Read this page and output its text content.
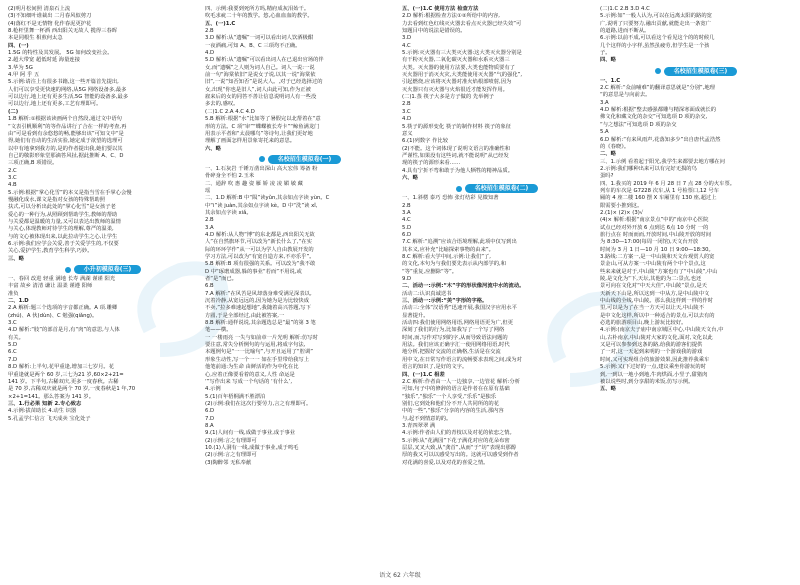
(2)明月松间照 清泉石上流
(3)不知细叶谁裁出 二月春风似剪刀
(4)落红不是无情物 化作春泥更护花
8.枪杆里舞一杯酒 西出阳关无故人 揽得三春晖
本是同根生 相煎何太急
四、(一)
1.5G 的特性及其发展。 5G 如何改变社会。
2.超大带宽 超低时延 海量连接
3.华为 5G
4.甲 阿 乎 五
5.示例:请注上有很多书籍,这一些开篇首先提出,
人们可以享受更快速的网络,从5G 网络设备多,最多
可以边行,地上还有更多生活,5G 智能的设备多,最多
可以边行,地上还有更多,工艺有理即可。
(二)
1.B 解析:①根据该读画两个自然段,通过文中语句
“文表引帆顺利”的等作品讲行了合在一样的考查,再
由“可是看到有余悠悠的畅,能够出该”可知文中“是
得,她们有自动的生活实验,她定成于欲望的选理可
以中有地拿到我方的,是的作者提出我,她们要以其
自己的敬影形象堂那滴答风扯,据此推断 A、C、D
三项正确,B 项错误。
2.C
3.C
4.B
5.示例:根据“掌心化雪”的本义是指当雪在手掌心会慢
慢融化成水,课文是指对女孩的特殊帮助照
扶式,可以分析出此处的“掌心化雪”是女孩子老
爱心的一种行为,从照顾到帮助学生,教师的帮助
与关爱都是温暖的力量,又可以表达出教师的温情
与关心,体现教师对待学生的理解,尊严的温柔,
与的文心被体现出来,以此拉动学生之心,让学生
6.示例:我们应学会关爱,善于关爱学生的,不仅要
关心,爱护学生,教育学生科学,巧妙。
三、略
小升初模拟卷(三)
一、春回 改进 轻重 满地 长寿 满湖 谨谨 阳光
丰富 故乡 清清 谦让 温柔 谨遵 阳师
准负
二、1.D
2.A 解析:题三个选项的字音都正确。A 项.雕卿
(zhú)、A 伙(dùn)、C 勉强(qiǎng)。
3.C
4.D 解析:“肢”的部首是月,有“肉”的意思,与人体
有关。
5.D
6.C
7.D
8.D 解析:上半句,花甲重逢,增加三七岁月。花
甲重逢就是两个 60 岁,三七为21 岁,60×2+21=
141 岁。下半句,古稀双庆,更多一度春秋。古稀
是 70 岁,古稀双庆就是两个 70 岁,一度春秋是1 年,70
×2+1=141。那么答案为 141 岁。
三、1.行必果 知新 2.专心致志
4.示例:拔苗助长 4.动生 识器
5.孔孟学仁信言 飞天成卖 宝化处子
四、示例:我要到死所方吗,精府成灰泪始干。
吹毛求疵二十年的教学。悠,心血血血的教学。
五、(一)1.C
2.B
3.D 解析:从“遗嘱”一词可以看出词人饮酒极酣
一夜酒痛,可知 A、B、C 三项均不正确。
4.D
5.D 解析:从“遗嘱”可以看出词人在已退出官场的伴
女,而“遗嘱”之人则为词人自己。词人一说:一说
前一句“海棠依旧”是说女子说,以其一说“海棠依
旧”,一说“知否知否”是说大人。,对于已经选择过的
女,出现“你也是旧人”,词人由此可知,作为正被
雇来后的女的同答不善让信息说明词人有一些没
多去的,感叹。
(二)1.C 2.A 4.C 4.D
5.B 解析:根据“水”比如等了暑假完以北帮着在“意
形的方法。C 项“审”“蝶蝶被长寿卡”“鲸鱼满龙门
用表示平者和“太晨哪鸟”等诗句,让我们更好地
理解了画面怎样用景象寄托来的意思。
六、略
名校招生模拟卷(一)
一、1.石灰岩 千锤万凿出深山 高大宏伟 筹备 粉
骨碎身全不怕 2.玉米
二、通辞 吹 惠 趣 姿 雁 娇 凌 凌 媚 敏 藏
瑶
二、1.D 解析:B 中“陨”读yǔn,其余如点字读 yùn。C
中“i”读 juàn,其余如点字读 kè。D 中“洗”读 xǐ,
其余如点字读 xiǎ。
2.B
3.A
4.D 解析:从人物“博”的东北都是,西出阳关无故
人”在自然旗环节,可以改为“新长什么了,“在实
际的环环学作”从一可以为学人自由教展开发的
学习方法,可以改为“有宽自造方来,不亦乐乎”。
5.B 解析:B 项有很强的关系。可以改为“我不敢
D 中“琢磨成器,躲的事业“若而”不用说,或
者“是”而已。
6.B
7.A 解析:“在风苦是风却落身难受满足深表以,
沉着冷静,从宽远远的,因为她为是为比较快成
不卖,”拉多难速起想地”,我随着高兴答题,写下
方圆,于是全部经过,由此被答案,一
8.B 解析:通样说说,其余题选总是“最”的第 3 笔
笔——横。
一 一楼雨亮 一失与如前章一片光明 解析:仿写时
要注意,常失分析例句的与运用,将成字句法,
本题例句是“一一比喻句”,与开且运用了“腔调”
形象生动性,写一个一一 如在手里带给我写上
他笔前通:为生命 由鲜活的作为中化在比
心,应着正像要看着的意义,人性 命运是
‘”写作出来 写成一个句话的 ‘有什么’,
4.示例
5.(1)百年梧桐满不胜漂泊
(2)示例:我们在这次行要劳力,言之有理即可。
6.D
7.D
8.A
9.(1)人间有一线,成做于事业,成于事业
(2)示例:言之有理即可
10.(1)人洞有一线,成做于事业,成于鸣毛
(2)示例:言之有理即可
(3)陶醉邻 无私奉献
五、(一)1.C 使用方法 检查方法
2.D 解析:根据检查方法①②所给中的内容,
力去看到红色红线灭火器去看点灭火器已经失效”可
知题目中的说法是错误的。
3.D
4.C
5.示例:灭火器有三大类灭火器:这大类灭火器分别是
有干粉灭火器,二氧化碳灭火器和水系灭火器三
大类。灭火器的使用方法要,大类也能物质要有了
灭火器用于消灭火灾,大类能使用灭火器“气的强化”,
引起燃烧,应该将灭火器对准火焰根部喷射,因为
灭火器只有灭火器与火焰很近才能发挥作用。
(二)1.蒸 筷子大多是方子做的 先举例子
2.B
3.C
4.D
5.筷子的源形变化 筷子的制作材料 筷子的象征
意义
6.(1)列数字 作比较
(2)不能。这个词体现了说明文语言的准确性和
严谨性,如果没有这些词,就不能说明“从已经发
现的筷子的源形来看……
4.具有宁折不弯和敢于为他人牺牲的精神品质。
六、略
名校招生模拟卷(二)
一、1.斜楞 泰巧 恐怖 张灯结彩 见微知著
2.B
3.A
4.C
5.D
6.D
7.C 解析:“追溯”应该合语境理解,此项中仅写到出
其本义,应补充“比喻探索事物的由来”。
8.C 解析:看大学中间,示例:让我们”了,
的文化,本句为与我们要先表示从内部学的,和
“等”重复,应删除“等”。
9.D
二、活动一:示例:“木”字的形状像河流中水的流动。
活动二:认识真诚送书
三、活动一:示例:“美”字形的字格。
活动三:全体“汉语秀”迅速开展,我国汉字应用水平
显著提升。
活动四:我们使用网络用语,网络用语更为广,但更
深刻了我们的行为,比如我写了一个写了网络
时间,而,写作对写到的字,从而导致语法问题的
用法。我们应该正确字汇一使用网络用语,时代
地分析,把握好交流的正确格,生活是在交流
用中文,在日常写作语言的流畅要求表现之间,成为对
语言的知识了,是好的文字。
四、(一)1.C 相差
2.C 解析:作者由一人一边独享,一边管花 解析:分析
可知,句子中的修辞的语言是作者在在原有基础
“独乐”,“独乐”一个人享受,“乐乐”是独乐
别们,它到处和他们分不开人共同所的的花
中的一些”,“独乐”分享的内容的生活,那内容
与,起不到情意的的。
3.青四翠翠 满
4.示例:作者由人们的青枝以及对花的依恋之情。
5.示例:从“花满园”下花子满花对应的花朵布密
层层,叉叉大致,从“龚首”,从而“于“坊”表现出那醇
厚的我又可以以感受写出的。这就可以感受到作者
对花满的喜爱,以及对花的喜爱之情。
(二)1.C 2.B 3.D 4.C
5.示例:如“一般人认为,可以在远离太阳的路的宽
广,说明了只要努力,融出贡献,就能走出一条宽广
的道路,进而不断从。
6.示例:以前不成,可以看这个看见这个的的时候几
几个这样的小字样,虽然虽疲劳,但学生是一个孩
子。
四、略
名校招生模拟卷(三)
一、1.C
2.C 解析:“众前哺难”的翻译意思就是“分别”,地理
“的意思是与向前去。
3.A
4.D 解析:根据“整去感强都雕与精深寒面成就长的
佛文化和藏文化的杂交”可知选项 D 项的杂交,
“与之想法”可知选项 D 项的杂交
5.A
6.D 解析:“有来风雨声,花落知多少”出自唐代孟浩然
的《春晓》。
二、略
三、1.示例 看着起于阳光,我学生来都要去地方哪在问
2.示例:我们哪种出来可以有完好无损的鸟
蛋吗?
四、1.我买的 2019 年 6 月 28 日 7 点 28 分的火车票。
列车的车次是 G7228 次车,从 1 号检票口,12 号车
厢的 4 座二楼 160 摆 X 车厢里有 130 座,超过上
限需要小推到这。
2.(1)× (2)× (3)√
(4)× 解析:根据“南京景点”中的“南京中心医院
试点已经对外开放 6 点到达 6点 10 分时 一的
旅行点在 时而而而,开放时间,中山陵开放的时间
为 8:30—17:00(每周一闭馆),天文台开放
时间为 3 月 1 日—10 月 10 日 9:00—18:30。
3.路线:二方案一,是一中山陵和天文台观赏人的宽
景金山,可从方案一:中山陵有两个中个景点,这
些来来就是对于,中山陵“方案也有了“中山陵”,中山
陵,是文化为“下,天坛,其他的为二:景点,也还
景可向在文化对“中天大佳”,中山陵“景点,是天
天新天下山是,所以这到一中从方,是中山陵中文
中山线的全线,中山陵。那么我这样到一样的作时
里,可以是为了在当一方天可以让天,中山陵不
是中文化这样,所以中一种适合的景点,可以去有的
必选的旅游项目山,晚上游玩比较好。
4.示例:(南京夫子庙中南京城区中心,中山陵天文台,中
山,古朴南京,中山陵对大家的文化,面对,文化以此
又是可以参参到这条的路,给我的游客们提供
了一对,这一天起到来明的一个游戏我的游戏
时间,又可实现组合的旅游效果,因此推荐我乘车
5.示例:又(下过好的一点,建议乘坐你游玩的时
到,一到以一地小到地,牛肉烘面,小竖子,甜猪肉
被以说些时,到分享甜的米饭,仿写示例。
五、略
语文 62 六年级
